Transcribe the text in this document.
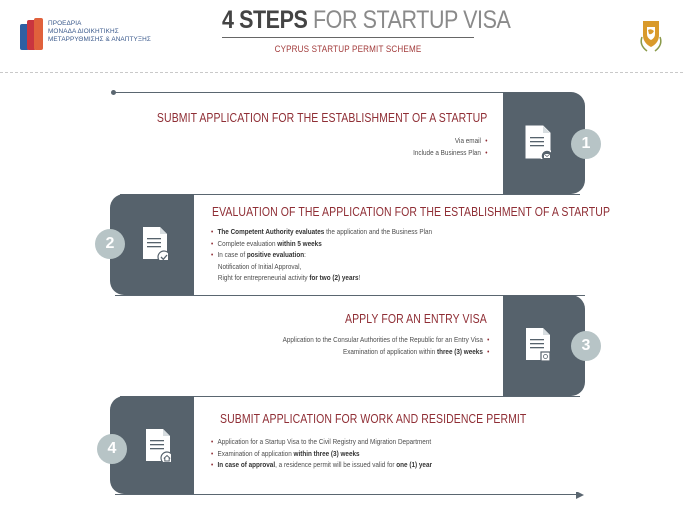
ΠΡΟΕΔΡΙΑ
ΜΟΝΑΔΑ ΔΙΟΙΚΗΤΙΚΗΣ
ΜΕΤΑΡΡΥΘΜΙΣΗΣ & ΑΝΑΠΤΥΞΗΣ
4 STEPS FOR STARTUP VISA
CYPRUS STARTUP PERMIT SCHEME
SUBMIT APPLICATION FOR THE ESTABLISHMENT OF A STARTUP
Via email •
Include a Business Plan •
1
EVALUATION OF THE APPLICATION FOR THE ESTABLISHMENT OF A STARTUP
• The Competent Authority evaluates the application and the Business Plan
• Complete evaluation within 5 weeks
• In case of positive evaluation:
Notification of Initial Approval,
Right for entrepreneurial activity for two (2) years!
2
APPLY FOR AN ENTRY VISA
Application to the Consular Authorities of the Republic for an Entry Visa •
Examination of application within three (3) weeks •	3
SUBMIT APPLICATION FOR WORK AND RESIDENCE PERMIT
• Application for a Startup Visa to the Civil Registry and Migration Department
• Examination of application within three (3) weeks
• In case of approval, a residence permit will be issued valid for one (1) year
4
